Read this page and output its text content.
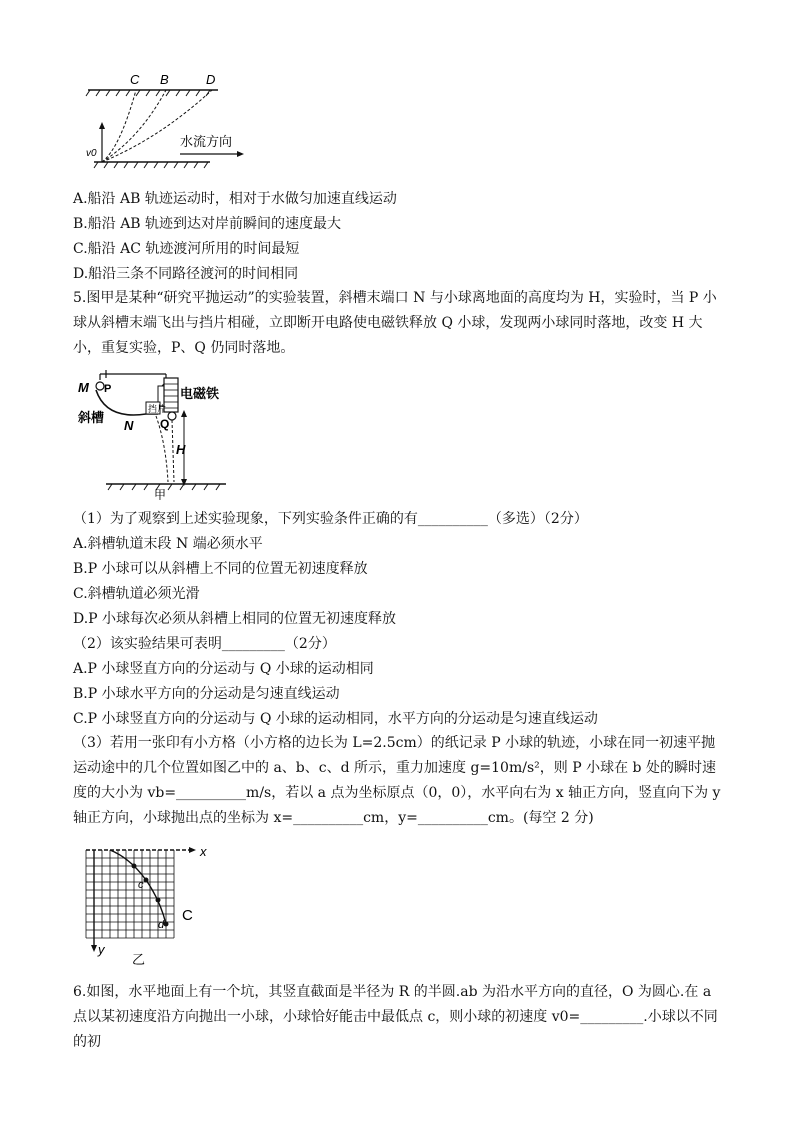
C B	D
v0
水流方向
A.船沿 AB 轨迹运动时，相对于水做匀加速直线运动
B.船沿 AB 轨迹到达对岸前瞬间的速度最大
C.船沿 AC 轨迹渡河所用的时间最短
D.船沿三条不同路径渡河的时间相同
5.图甲是某种“研究平抛运动”的实验装置，斜槽末端口 N 与小球离地面的高度均为 H，实验时，当 P 小球从斜槽末端飞出与挡片相碰，立即断开电路使电磁铁释放 Q 小球，发现两小球同时落地，改变 H 大小，重复实验，P、Q 仍同时落地。
M P	电磁铁
斜槽
挡片
N Q
H
甲
（1）为了观察到上述实验现象，下列实验条件正确的有__________（多选）（2分）
A.斜槽轨道末段 N 端必须水平
B.P 小球可以从斜槽上不同的位置无初速度释放
C.斜槽轨道必须光滑
D.P 小球每次必须从斜槽上相同的位置无初速度释放
（2）该实验结果可表明_________（2分）
A.P 小球竖直方向的分运动与 Q 小球的运动相同
B.P 小球水平方向的分运动是匀速直线运动
C.P 小球竖直方向的分运动与 Q 小球的运动相同，水平方向的分运动是匀速直线运动
（3）若用一张印有小方格（小方格的边长为 L=2.5cm）的纸记录 P 小球的轨迹，小球在同一初速平抛运动途中的几个位置如图乙中的 a、b、c、d 所示，重力加速度 g=10m/s²，则 P 小球在 b 处的瞬时速度的大小为 vb=__________m/s，若以 a 点为坐标原点（0，0），水平向右为 x 轴正方向，竖直向下为 y 轴正方向，小球抛出点的坐标为 x=__________cm，y=__________cm。(每空 2 分)
x
y
c
d
C
乙
6.如图，水平地面上有一个坑，其竖直截面是半径为 R 的半圆.ab 为沿水平方向的直径，O 为圆心.在 a 点以某初速度沿方向抛出一小球，小球恰好能击中最低点 c，则小球的初速度 v0=_________.小球以不同的初
